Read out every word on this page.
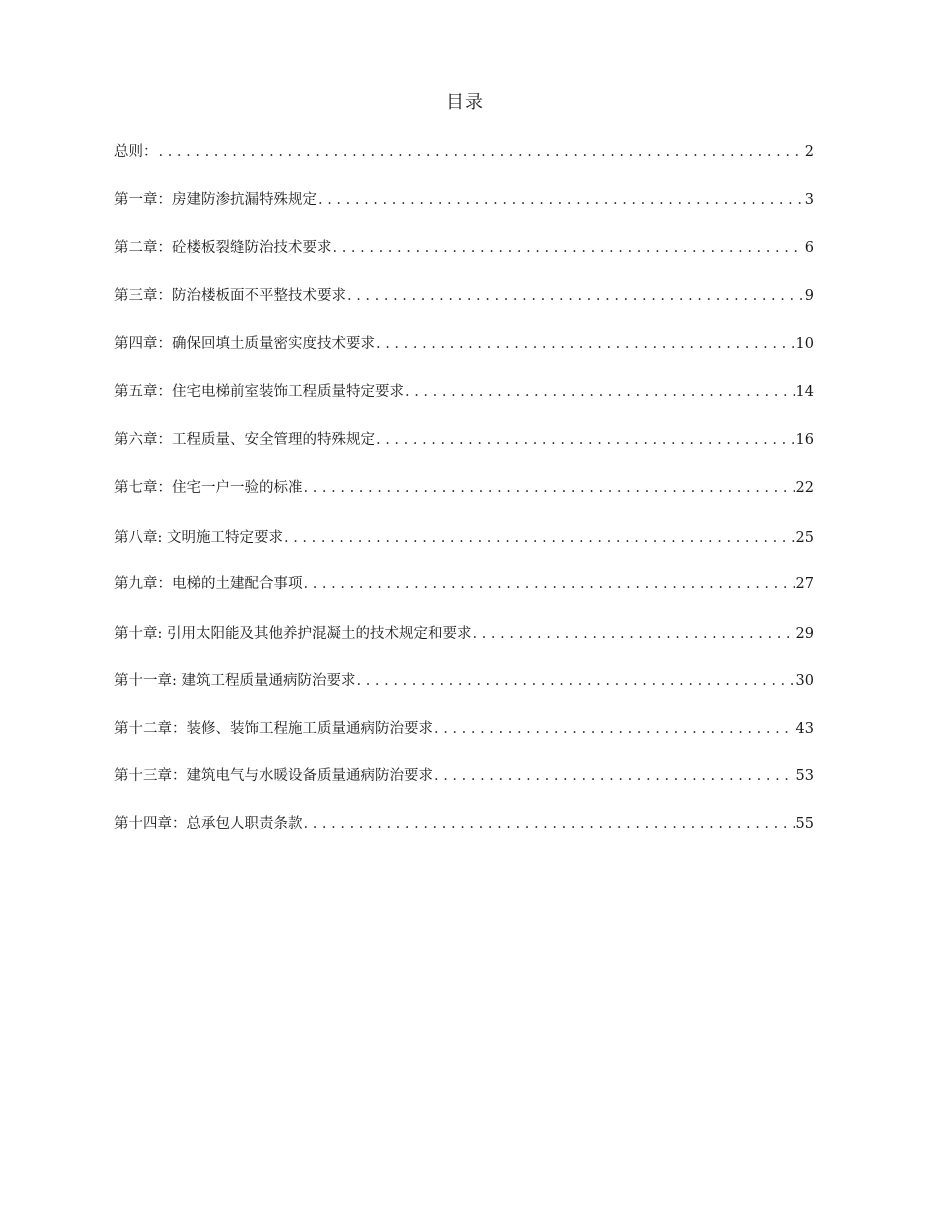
目录
总则： . . .	2
第一章：房建防渗抗漏特殊规定 . . .	3
第二章：砼楼板裂缝防治技术要求 . . .	6
第三章：防治楼板面不平整技术要求 . . .	9
第四章：确保回填土质量密实度技术要求 . . .	10
第五章：住宅电梯前室装饰工程质量特定要求 . . .	14
第六章：工程质量、安全管理的特殊规定 . . .	16
第七章：住宅一户一验的标准 . . .	22
第八章: 文明施工特定要求 . . .	25
第九章：电梯的土建配合事项 . . .	27
第十章: 引用太阳能及其他养护混凝土的技术规定和要求 . . .	29
第十一章: 建筑工程质量通病防治要求 . . .	30
第十二章：装修、装饰工程施工质量通病防治要求 . . .	43
第十三章：建筑电气与水暖设备质量通病防治要求 . . .	53
第十四章：总承包人职责条款 . . .	55
